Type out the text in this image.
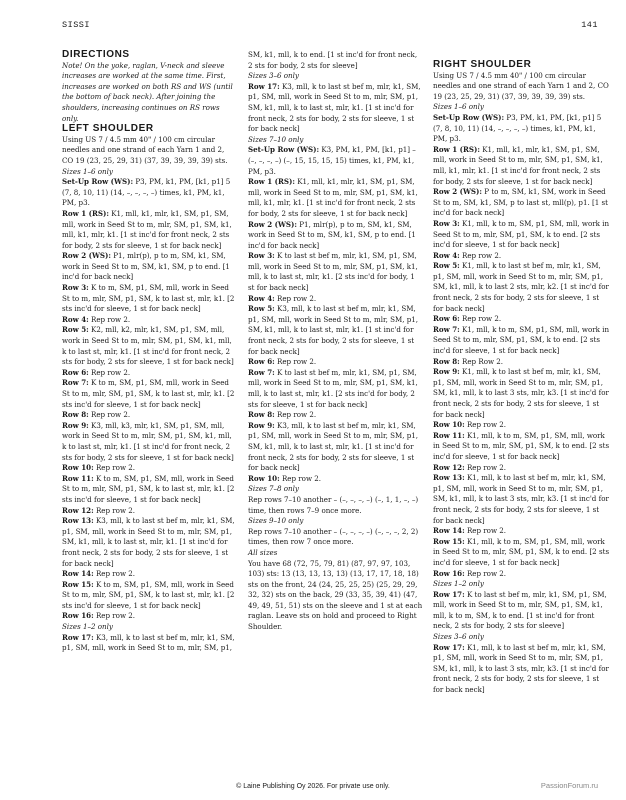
SISSI	141

DIRECTIONS

Note! On the yoke, raglan, V-neck and sleeve increases are worked at the same time. First, increases are worked on both RS and WS (until the bottom of back neck). After joining the shoulders, increasing continues on RS rows only.

LEFT SHOULDER

Using US 7 / 4.5 mm 40" / 100 cm circular needles and one strand of each Yarn 1 and 2, CO 19 (23, 25, 29, 31) (37, 39, 39, 39, 39) sts.

Sizes 1–6 only

Set-Up Row (WS): P3, PM, k1, PM, [k1, p1] 5 (7, 8, 10, 11) (14, –, –, –, –) times, k1, PM, k1, PM, p3.

Row 1 (RS): K1, mll, k1, mlr, k1, SM, p1, SM, mll, work in Seed St to m, mlr, SM, p1, SM, k1, mll, k1, mlr, k1. [1 st inc'd for front neck, 2 sts for body, 2 sts for sleeve, 1 st for back neck]

Row 2 (WS): P1, mlr(p), p to m, SM, k1, SM, work in Seed St to m, SM, k1, SM, p to end. [1 inc'd for back neck]

Row 3: K to m, SM, p1, SM, mll, work in Seed St to m, mlr, SM, p1, SM, k to last st, mlr, k1. [2 sts inc'd for sleeve, 1 st for back neck]

Row 4: Rep row 2.

Row 5: K2, mll, k2, mlr, k1, SM, p1, SM, mll, work in Seed St to m, mlr, SM, p1, SM, k1, mll, k to last st, mlr, k1. [1 st inc'd for front neck, 2 sts for body, 2 sts for sleeve, 1 st for back neck]

Row 6: Rep row 2.

Row 7: K to m, SM, p1, SM, mll, work in Seed St to m, mlr, SM, p1, SM, k to last st, mlr, k1. [2 sts inc'd for sleeve, 1 st for back neck]

Row 8: Rep row 2.

Row 9: K3, mll, k3, mlr, k1, SM, p1, SM, mll, work in Seed St to m, mlr, SM, p1, SM, k1, mll, k to last st, mlr, k1. [1 st inc'd for front neck, 2 sts for body, 2 sts for sleeve, 1 st for back neck]

Row 10: Rep row 2.

Row 11: K to m, SM, p1, SM, mll, work in Seed St to m, mlr, SM, p1, SM, k to last st, mlr, k1. [2 sts inc'd for sleeve, 1 st for back neck]

Row 12: Rep row 2.

Row 13: K3, mll, k to last st bef m, mlr, k1, SM, p1, SM, mll, work in Seed St to m, mlr, SM, p1, SM, k1, mll, k to last st, mlr, k1. [1 st inc'd for front neck, 2 sts for body, 2 sts for sleeve, 1 st for back neck]

Row 14: Rep row 2.

Row 15: K to m, SM, p1, SM, mll, work in Seed St to m, mlr, SM, p1, SM, k to last st, mlr, k1. [2 sts inc'd for sleeve, 1 st for back neck]

Row 16: Rep row 2.

Sizes 1–2 only

Row 17: K3, mll, k to last st bef m, mlr, k1, SM, p1, SM, mll, work in Seed St to m, mlr, SM, p1,

SM, k1, mll, k to end. [1 st inc'd for front neck, 2 sts for body, 2 sts for sleeve]

Sizes 3–6 only

Row 17: K3, mll, k to last st bef m, mlr, k1, SM, p1, SM, mll, work in Seed St to m, mlr, SM, p1, SM, k1, mll, k to last st, mlr, k1. [1 st inc'd for front neck, 2 sts for body, 2 sts for sleeve, 1 st for back neck]

Sizes 7–10 only

Set-Up Row (WS): K3, PM, k1, PM, [k1, p1] – (–, –, –, –) (–, 15, 15, 15, 15) times, k1, PM, k1, PM, p3.

Row 1 (RS): K1, mll, k1, mlr, k1, SM, p1, SM, mll, work in Seed St to m, mlr, SM, p1, SM, k1, mll, k1, mlr, k1. [1 st inc'd for front neck, 2 sts for body, 2 sts for sleeve, 1 st for back neck]

Row 2 (WS): P1, mlr(p), p to m, SM, k1, SM, work in Seed St to m, SM, k1, SM, p to end. [1 inc'd for back neck]

Row 3: K to last st bef m, mlr, k1, SM, p1, SM, mll, work in Seed St to m, mlr, SM, p1, SM, k1, mll, k to last st, mlr, k1. [2 sts inc'd for body, 1 st for back neck]

Row 4: Rep row 2.

Row 5: K3, mll, k to last st bef m, mlr, k1, SM, p1, SM, mll, work in Seed St to m, mlr, SM, p1, SM, k1, mll, k to last st, mlr, k1. [1 st inc'd for front neck, 2 sts for body, 2 sts for sleeve, 1 st for back neck]

Row 6: Rep row 2.

Row 7: K to last st bef m, mlr, k1, SM, p1, SM, mll, work in Seed St to m, mlr, SM, p1, SM, k1, mll, k to last st, mlr, k1. [2 sts inc'd for body, 2 sts for sleeve, 1 st for back neck]

Row 8: Rep row 2.

Row 9: K3, mll, k to last st bef m, mlr, k1, SM, p1, SM, mll, work in Seed St to m, mlr, SM, p1, SM, k1, mll, k to last st, mlr, k1. [1 st inc'd for front neck, 2 sts for body, 2 sts for sleeve, 1 st for back neck]

Row 10: Rep row 2.

Sizes 7–8 only

Rep rows 7–10 another – (–, –, –, –) (–, 1, 1, –, –) time, then rows 7–9 once more.

Sizes 9–10 only

Rep rows 7–10 another – (–, –, –, –) (–, –, –, 2, 2) times, then row 7 once more.

All sizes

You have 68 (72, 75, 79, 81) (87, 97, 97, 103, 103) sts: 13 (13, 13, 13, 13) (13, 17, 17, 18, 18) sts on the front, 24 (24, 25, 25, 25) (25, 29, 29, 32, 32) sts on the back, 29 (33, 35, 39, 41) (47, 49, 49, 51, 51) sts on the sleeve and 1 st at each raglan. Leave sts on hold and proceed to Right Shoulder.

RIGHT SHOULDER

Using US 7 / 4.5 mm 40" / 100 cm circular needles and one strand of each Yarn 1 and 2, CO 19 (23, 25, 29, 31) (37, 39, 39, 39, 39) sts.

Sizes 1–6 only

Set-Up Row (WS): P3, PM, k1, PM, [k1, p1] 5 (7, 8, 10, 11) (14, –, –, –, –) times, k1, PM, k1, PM, p3.

Row 1 (RS): K1, mll, k1, mlr, k1, SM, p1, SM, mll, work in Seed St to m, mlr, SM, p1, SM, k1, mll, k1, mlr, k1. [1 st inc'd for front neck, 2 sts for body, 2 sts for sleeve, 1 st for back neck]

Row 2 (WS): P to m, SM, k1, SM, work in Seed St to m, SM, k1, SM, p to last st, mll(p), p1. [1 st inc'd for back neck]

Row 3: K1, mll, k to m, SM, p1, SM, mll, work in Seed St to m, mlr, SM, p1, SM, k to end. [2 sts inc'd for sleeve, 1 st for back neck]

Row 4: Rep row 2.

Row 5: K1, mll, k to last st bef m, mlr, k1, SM, p1, SM, mll, work in Seed St to m, mlr, SM, p1, SM, k1, mll, k to last 2 sts, mlr, k2. [1 st inc'd for front neck, 2 sts for body, 2 sts for sleeve, 1 st for back neck]

Row 6: Rep row 2.

Row 7: K1, mll, k to m, SM, p1, SM, mll, work in Seed St to m, mlr, SM, p1, SM, k to end. [2 sts inc'd for sleeve, 1 st for back neck]

Row 8: Rep Row 2.

Row 9: K1, mll, k to last st bef m, mlr, k1, SM, p1, SM, mll, work in Seed St to m, mlr, SM, p1, SM, k1, mll, k to last 3 sts, mlr, k3. [1 st inc'd for front neck, 2 sts for body, 2 sts for sleeve, 1 st for back neck]

Row 10: Rep row 2.

Row 11: K1, mll, k to m, SM, p1, SM, mll, work in Seed St to m, mlr, SM, p1, SM, k to end. [2 sts inc'd for sleeve, 1 st for back neck]

Row 12: Rep row 2.

Row 13: K1, mll, k to last st bef m, mlr, k1, SM, p1, SM, mll, work in Seed St to m, mlr, SM, p1, SM, k1, mll, k to last 3 sts, mlr, k3. [1 st inc'd for front neck, 2 sts for body, 2 sts for sleeve, 1 st for back neck]

Row 14: Rep row 2.

Row 15: K1, mll, k to m, SM, p1, SM, mll, work in Seed St to m, mlr, SM, p1, SM, k to end. [2 sts inc'd for sleeve, 1 st for back neck]

Row 16: Rep row 2.

Sizes 1–2 only

Row 17: K to last st bef m, mlr, k1, SM, p1, SM, mll, work in Seed St to m, mlr, SM, p1, SM, k1, mll, k to m, SM, k to end. [1 st inc'd for front neck, 2 sts for body, 2 sts for sleeve]

Sizes 3–6 only

Row 17: K1, mll, k to last st bef m, mlr, k1, SM, p1, SM, mll, work in Seed St to m, mlr, SM, p1, SM, k1, mll, k to last 3 sts, mlr, k3. [1 st inc'd for front neck, 2 sts for body, 2 sts for sleeve, 1 st for back neck]

© Laine Publishing Oy 2026. For private use only.	PassionForum.ru
